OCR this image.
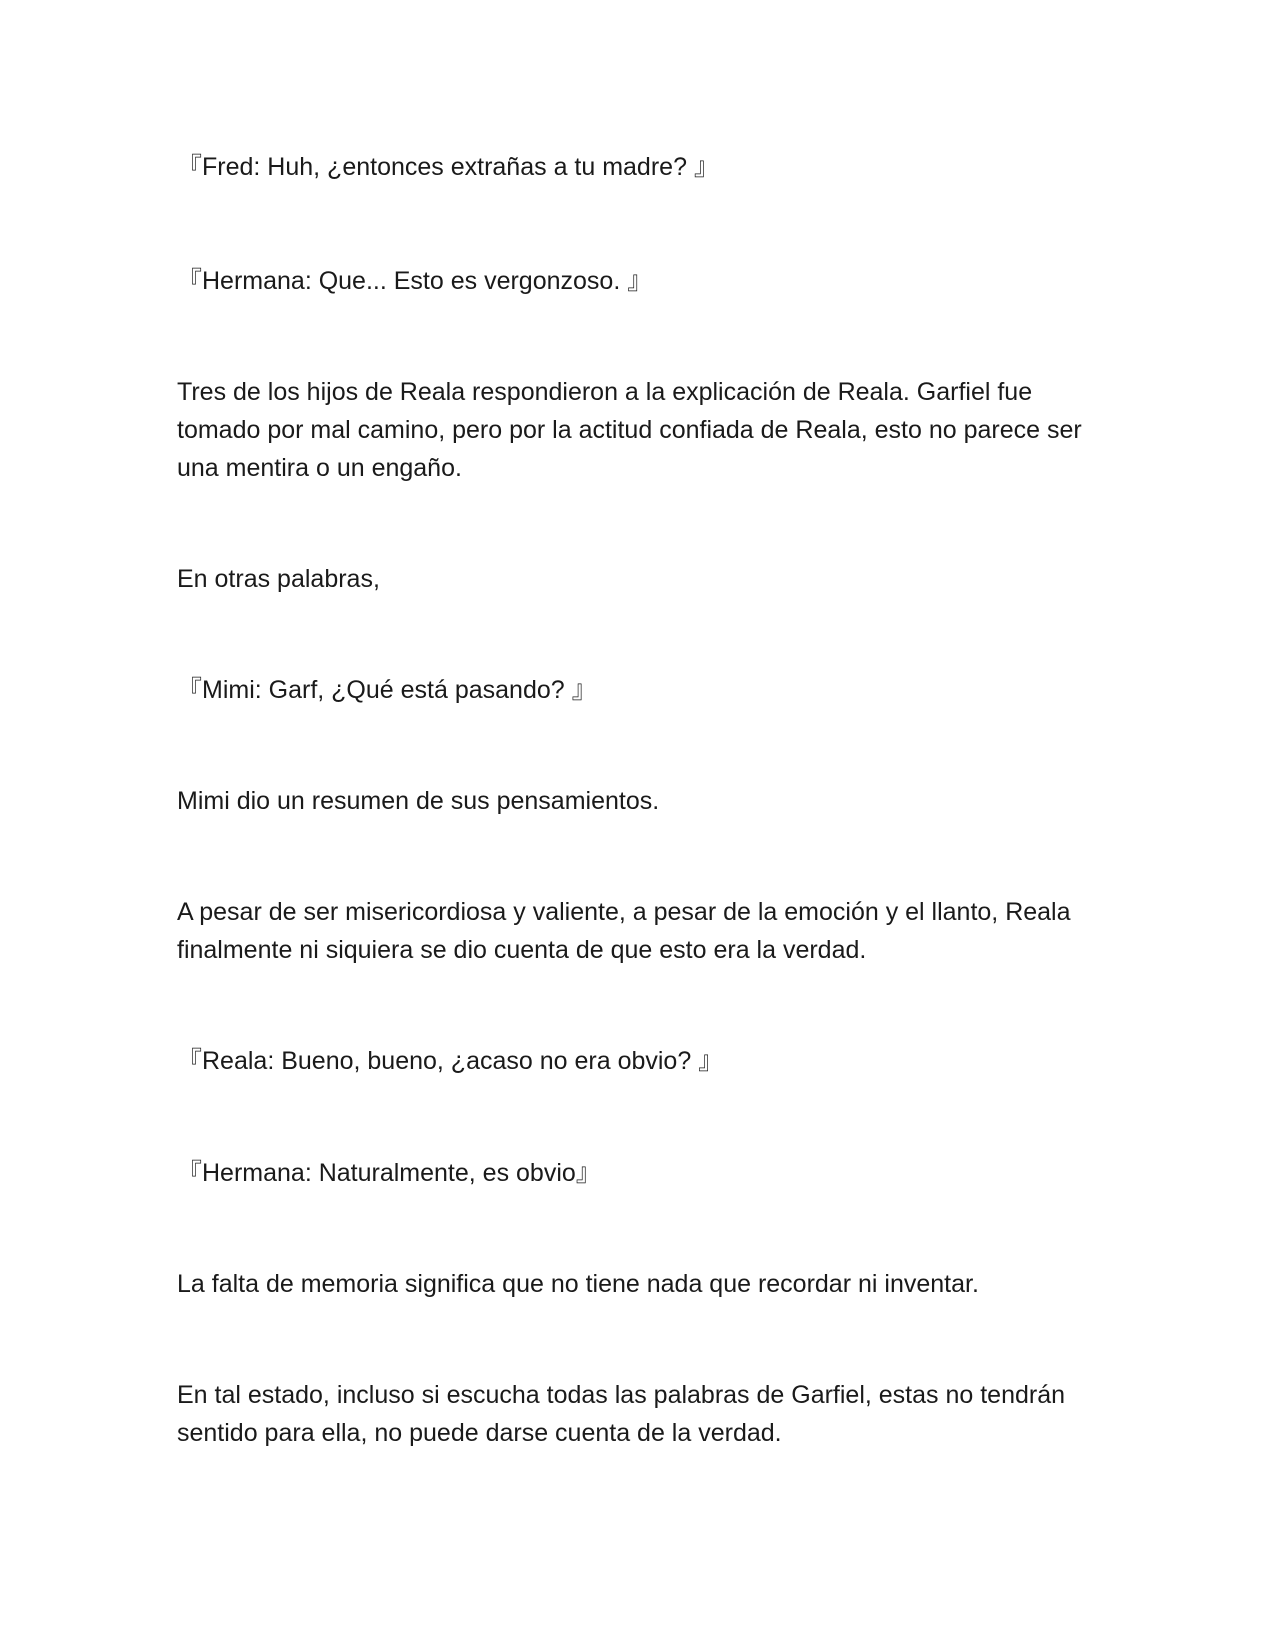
『Fred: Huh, ¿entonces extrañas a tu madre? 』

『Hermana: Que... Esto es vergonzoso. 』

Tres de los hijos de Reala respondieron a la explicación de Reala. Garfiel fue tomado por mal camino, pero por la actitud confiada de Reala, esto no parece ser una mentira o un engaño.

En otras palabras,

『Mimi: Garf, ¿Qué está pasando? 』

Mimi dio un resumen de sus pensamientos.

A pesar de ser misericordiosa y valiente, a pesar de la emoción y el llanto, Reala finalmente ni siquiera se dio cuenta de que esto era la verdad.

『Reala: Bueno, bueno, ¿acaso no era obvio? 』

『Hermana: Naturalmente, es obvio』

La falta de memoria significa que no tiene nada que recordar ni inventar.

En tal estado, incluso si escucha todas las palabras de Garfiel, estas no tendrán sentido para ella, no puede darse cuenta de la verdad.
